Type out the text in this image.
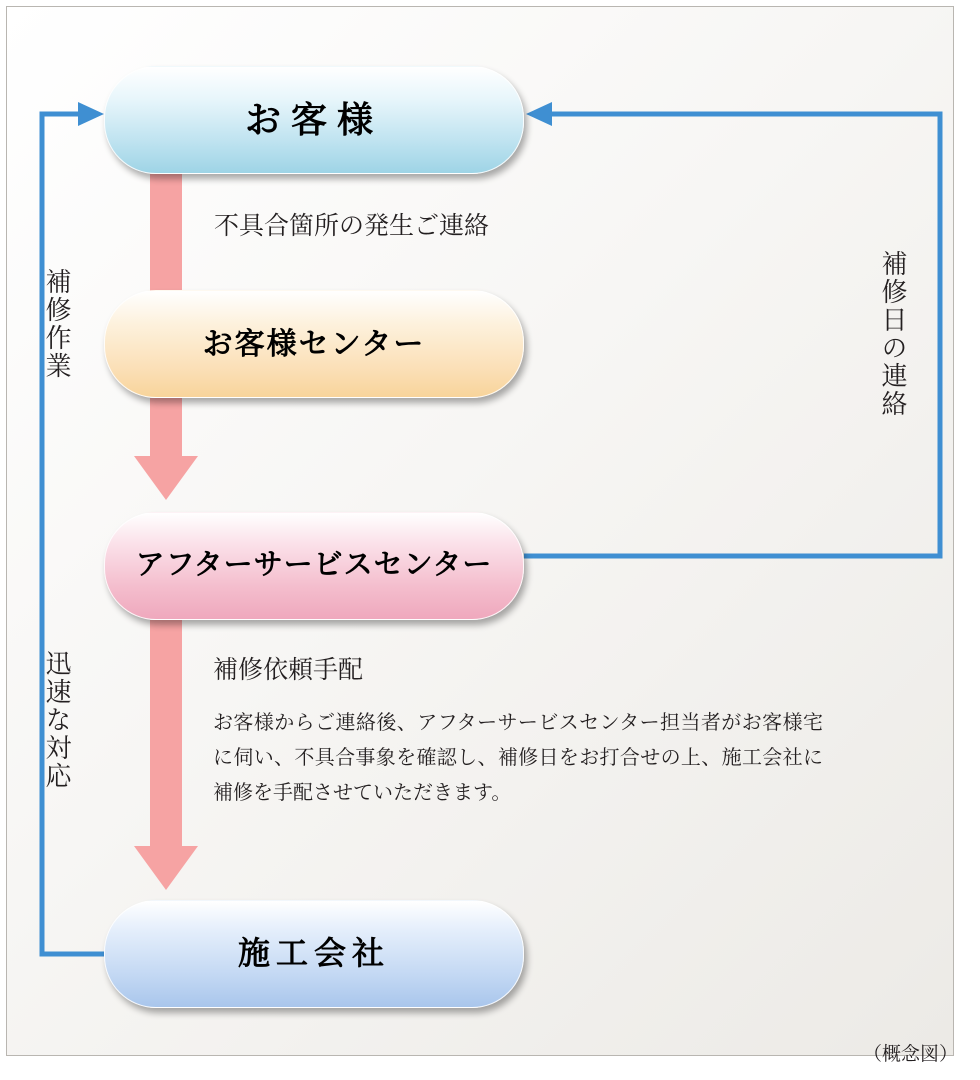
お客様
お客様センター
アフターサービスセンター
施工会社
不具合箇所の発生ご連絡
補修依頼手配
お客様からご連絡後、アフターサービスセンター担当者がお客様宅に伺い、不具合事象を確認し、補修日をお打合せの上、施工会社に補修を手配させていただきます。
補修作業
迅速な対応
補修日の連絡
（概念図）
